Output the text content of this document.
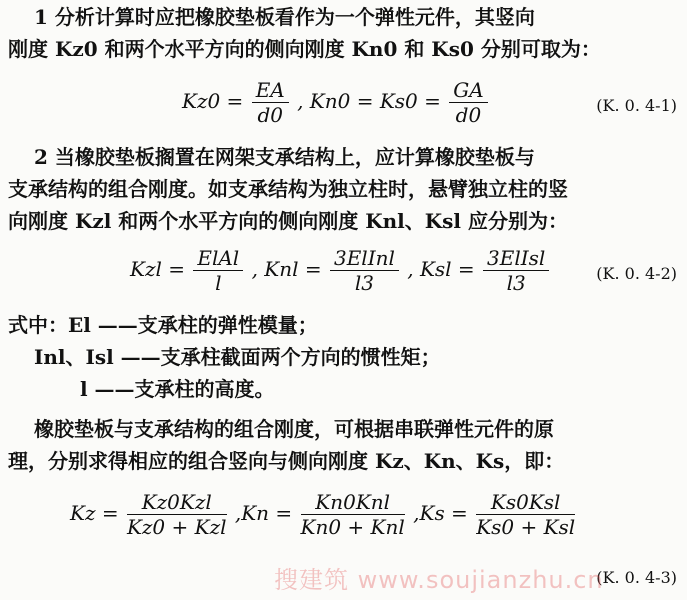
1 分析计算时应把橡胶垫板看作为一个弹性元件，其竖向
刚度 Kz0 和两个水平方向的侧向刚度 Kn0 和 Ks0 分别可取为：
$Kz0 = \frac{EA}{d0}$ , $Kn0 = Ks0 = \frac{GA}{d0}$	(K. 0. 4-1)
2 当橡胶垫板搁置在网架支承结构上，应计算橡胶垫板与
支承结构的组合刚度。如支承结构为独立柱时，悬臂独立柱的竖
向刚度 Kzl 和两个水平方向的侧向刚度 Knl、Ksl 应分别为：
Kzl = $\frac{\text{ElAl}}{l}$ , Knl = $\frac{\text{3ElInl}}{l3}$ , Ksl = $\frac{\text{3ElIsl}}{l3}$	(K. 0. 4-2)
式中：El ——支承柱的弹性模量；
Inl、Isl ——支承柱截面两个方向的惯性矩；
l ——支承柱的高度。
橡胶垫板与支承结构的组合刚度，可根据串联弹性元件的原
理，分别求得相应的组合竖向与侧向刚度 Kz、Kn、Ks，即：
$Kz = \frac{\text{Kz0Kzl}}{\text{Kz0 + Kzl}} ,Kn = \frac{\text{Kn0Knl}}{\text{Kn0 + Knl}} ,Ks = \frac{\text{Ks0Ksl}}{\text{Ks0 + Ksl}}$
(K. 0. 4-3)
搜建筑 www.soujianzhu.cn
